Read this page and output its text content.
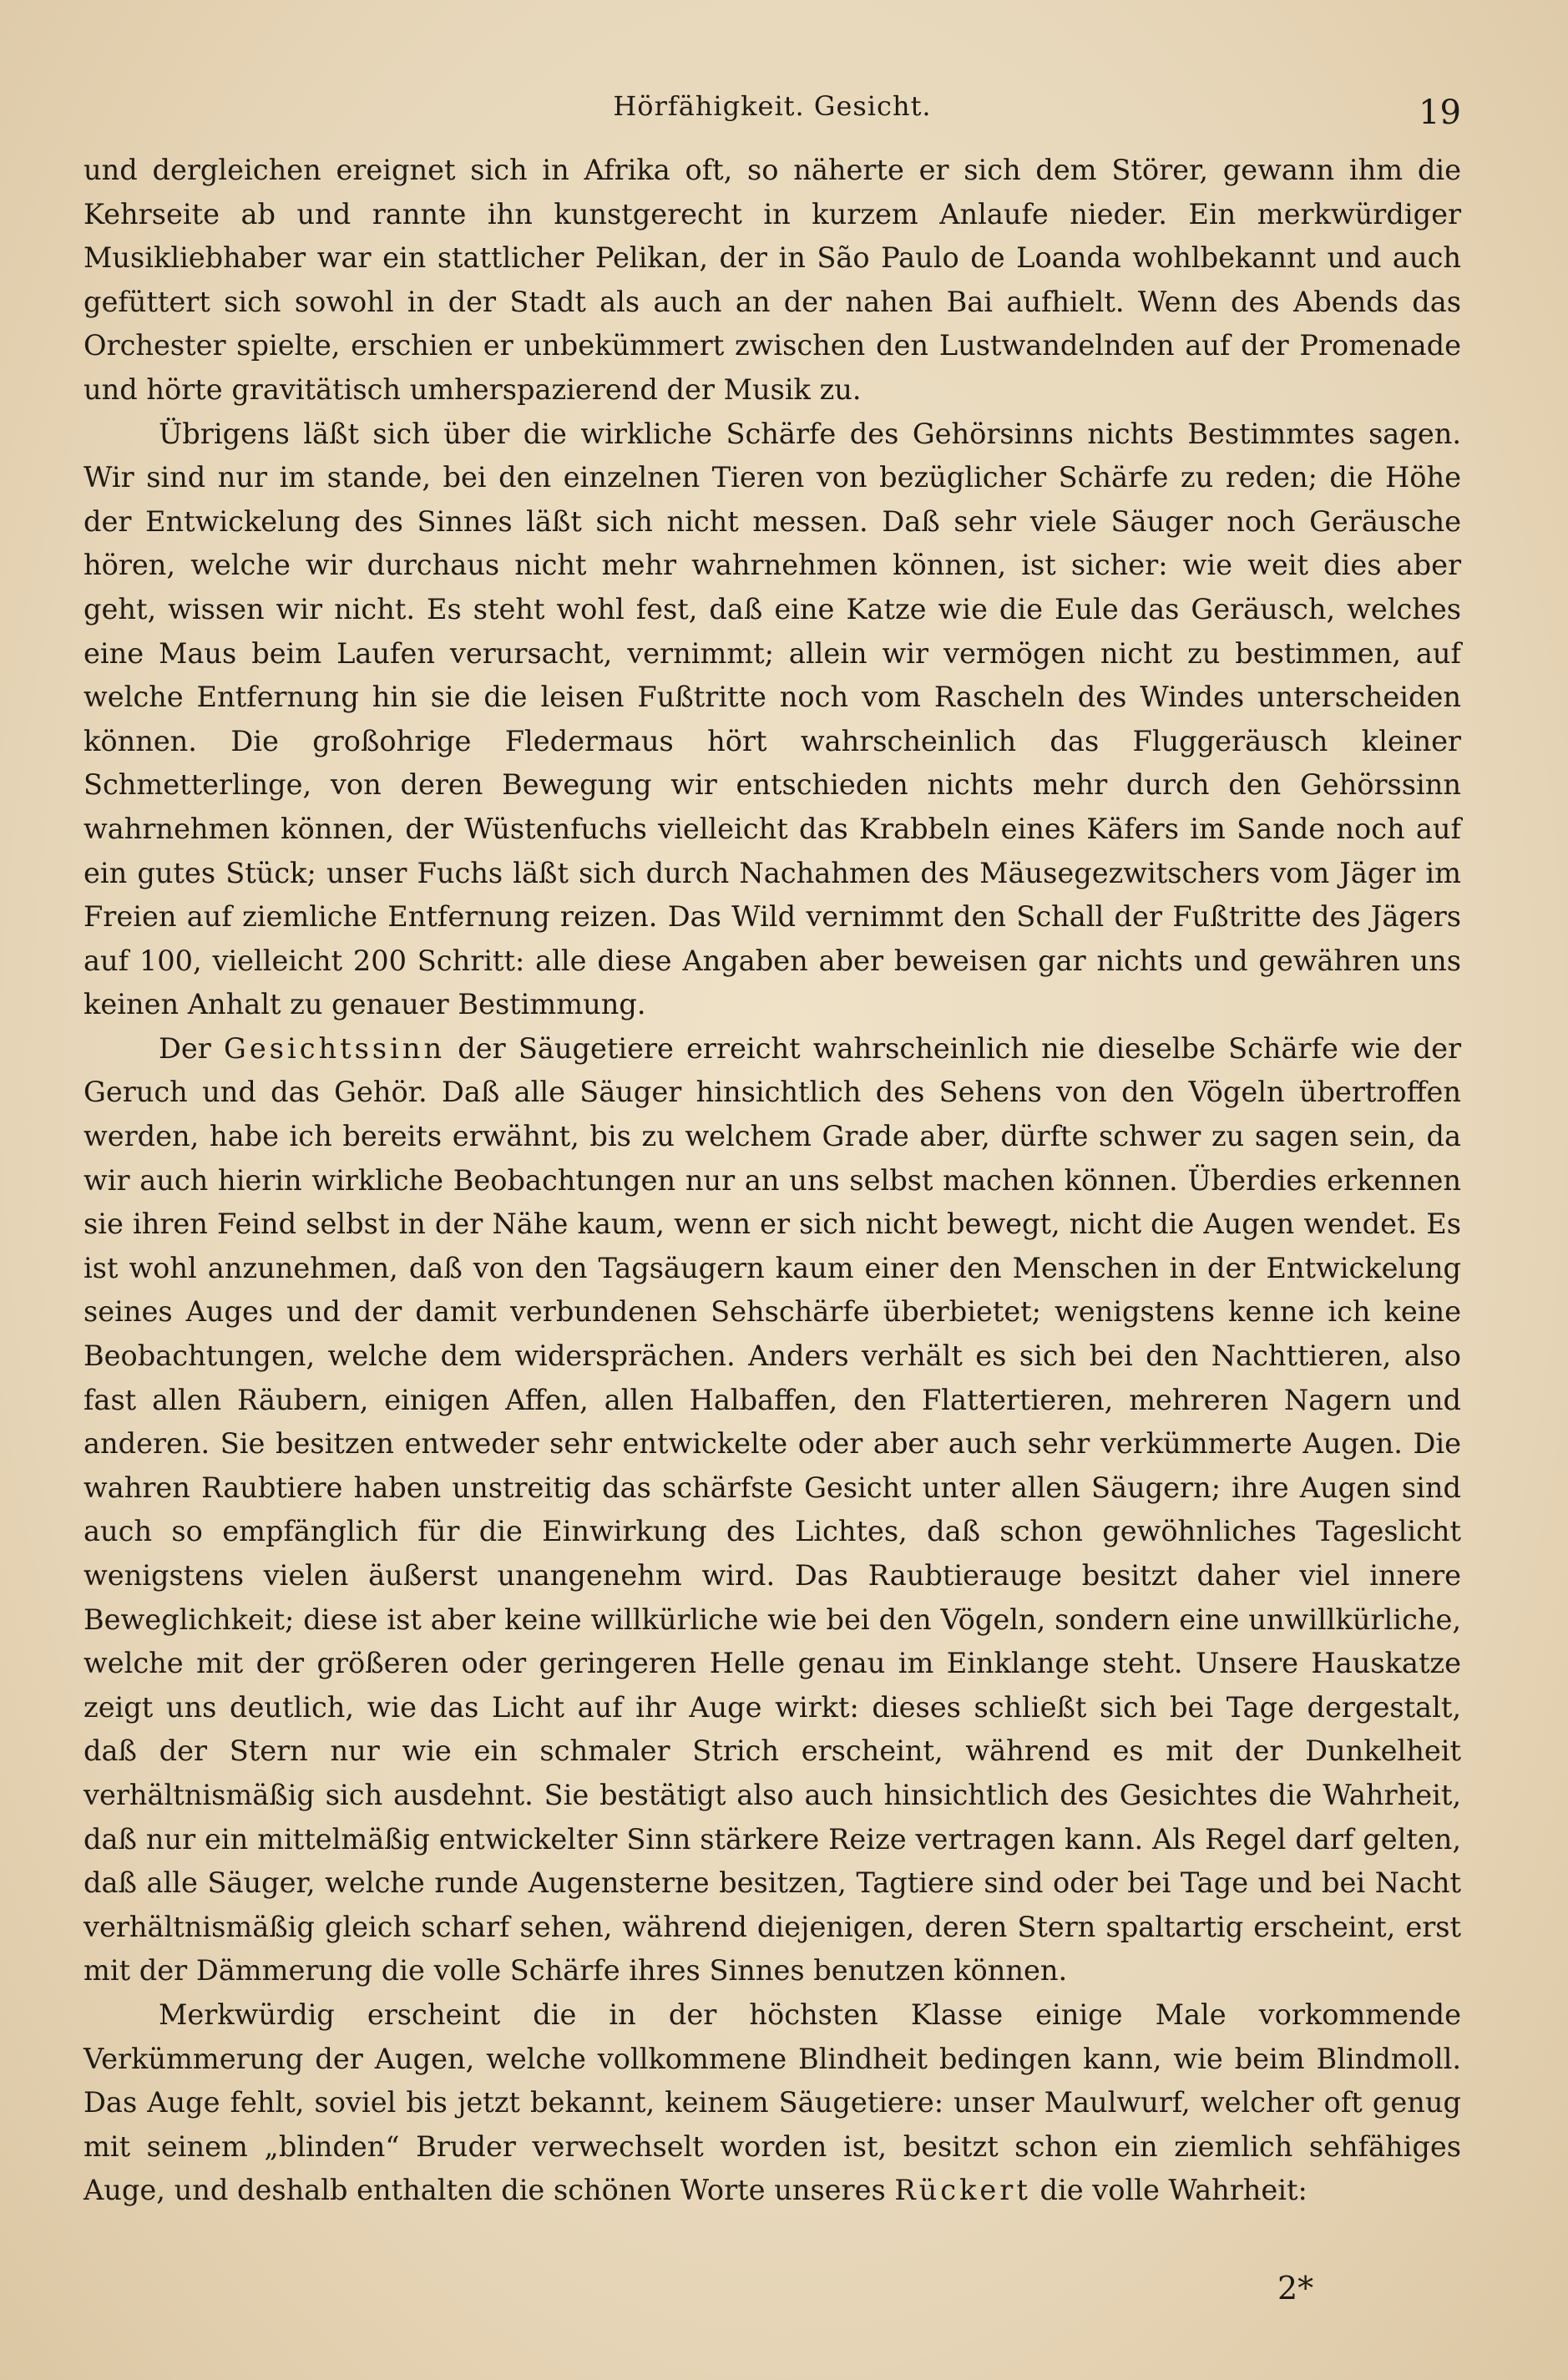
Hörfähigkeit. Gesicht.	19

und dergleichen ereignet sich in Afrika oft, so näherte er sich dem Störer, gewann ihm die Kehrseite ab und rannte ihn kunstgerecht in kurzem Anlaufe nieder. Ein merkwürdiger Musikliebhaber war ein stattlicher Pelikan, der in São Paulo de Loanda wohlbekannt und auch gefüttert sich sowohl in der Stadt als auch an der nahen Bai aufhielt. Wenn des Abends das Orchester spielte, erschien er unbekümmert zwischen den Lustwandelnden auf der Promenade und hörte gravitätisch umherspazierend der Musik zu.

Übrigens läßt sich über die wirkliche Schärfe des Gehörsinns nichts Bestimmtes sagen. Wir sind nur im stande, bei den einzelnen Tieren von bezüglicher Schärfe zu reden; die Höhe der Entwickelung des Sinnes läßt sich nicht messen. Daß sehr viele Säuger noch Geräusche hören, welche wir durchaus nicht mehr wahrnehmen können, ist sicher: wie weit dies aber geht, wissen wir nicht. Es steht wohl fest, daß eine Katze wie die Eule das Geräusch, welches eine Maus beim Laufen verursacht, vernimmt; allein wir vermögen nicht zu bestimmen, auf welche Entfernung hin sie die leisen Fußtritte noch vom Rascheln des Windes unterscheiden können. Die großohrige Fledermaus hört wahrscheinlich das Fluggeräusch kleiner Schmetterlinge, von deren Bewegung wir entschieden nichts mehr durch den Gehörssinn wahrnehmen können, der Wüstenfuchs vielleicht das Krabbeln eines Käfers im Sande noch auf ein gutes Stück; unser Fuchs läßt sich durch Nachahmen des Mäusegezwitschers vom Jäger im Freien auf ziemliche Entfernung reizen. Das Wild vernimmt den Schall der Fußtritte des Jägers auf 100, vielleicht 200 Schritt: alle diese Angaben aber beweisen gar nichts und gewähren uns keinen Anhalt zu genauer Bestimmung.

Der Gesichtssinn der Säugetiere erreicht wahrscheinlich nie dieselbe Schärfe wie der Geruch und das Gehör. Daß alle Säuger hinsichtlich des Sehens von den Vögeln übertroffen werden, habe ich bereits erwähnt, bis zu welchem Grade aber, dürfte schwer zu sagen sein, da wir auch hierin wirkliche Beobachtungen nur an uns selbst machen können. Überdies erkennen sie ihren Feind selbst in der Nähe kaum, wenn er sich nicht bewegt, nicht die Augen wendet. Es ist wohl anzunehmen, daß von den Tagsäugern kaum einer den Menschen in der Entwickelung seines Auges und der damit verbundenen Sehschärfe überbietet; wenigstens kenne ich keine Beobachtungen, welche dem widersprächen. Anders verhält es sich bei den Nachttieren, also fast allen Räubern, einigen Affen, allen Halbaffen, den Flattertieren, mehreren Nagern und anderen. Sie besitzen entweder sehr entwickelte oder aber auch sehr verkümmerte Augen. Die wahren Raubtiere haben unstreitig das schärfste Gesicht unter allen Säugern; ihre Augen sind auch so empfänglich für die Einwirkung des Lichtes, daß schon gewöhnliches Tageslicht wenigstens vielen äußerst unangenehm wird. Das Raubtierauge besitzt daher viel innere Beweglichkeit; diese ist aber keine willkürliche wie bei den Vögeln, sondern eine unwillkürliche, welche mit der größeren oder geringeren Helle genau im Einklange steht. Unsere Hauskatze zeigt uns deutlich, wie das Licht auf ihr Auge wirkt: dieses schließt sich bei Tage dergestalt, daß der Stern nur wie ein schmaler Strich erscheint, während es mit der Dunkelheit verhältnismäßig sich ausdehnt. Sie bestätigt also auch hinsichtlich des Gesichtes die Wahrheit, daß nur ein mittelmäßig entwickelter Sinn stärkere Reize vertragen kann. Als Regel darf gelten, daß alle Säuger, welche runde Augensterne besitzen, Tagtiere sind oder bei Tage und bei Nacht verhältnismäßig gleich scharf sehen, während diejenigen, deren Stern spaltartig erscheint, erst mit der Dämmerung die volle Schärfe ihres Sinnes benutzen können.

Merkwürdig erscheint die in der höchsten Klasse einige Male vorkommende Verkümmerung der Augen, welche vollkommene Blindheit bedingen kann, wie beim Blindmoll. Das Auge fehlt, soviel bis jetzt bekannt, keinem Säugetiere: unser Maulwurf, welcher oft genug mit seinem „blinden“ Bruder verwechselt worden ist, besitzt schon ein ziemlich sehfähiges Auge, und deshalb enthalten die schönen Worte unseres Rückert die volle Wahrheit:

2*
